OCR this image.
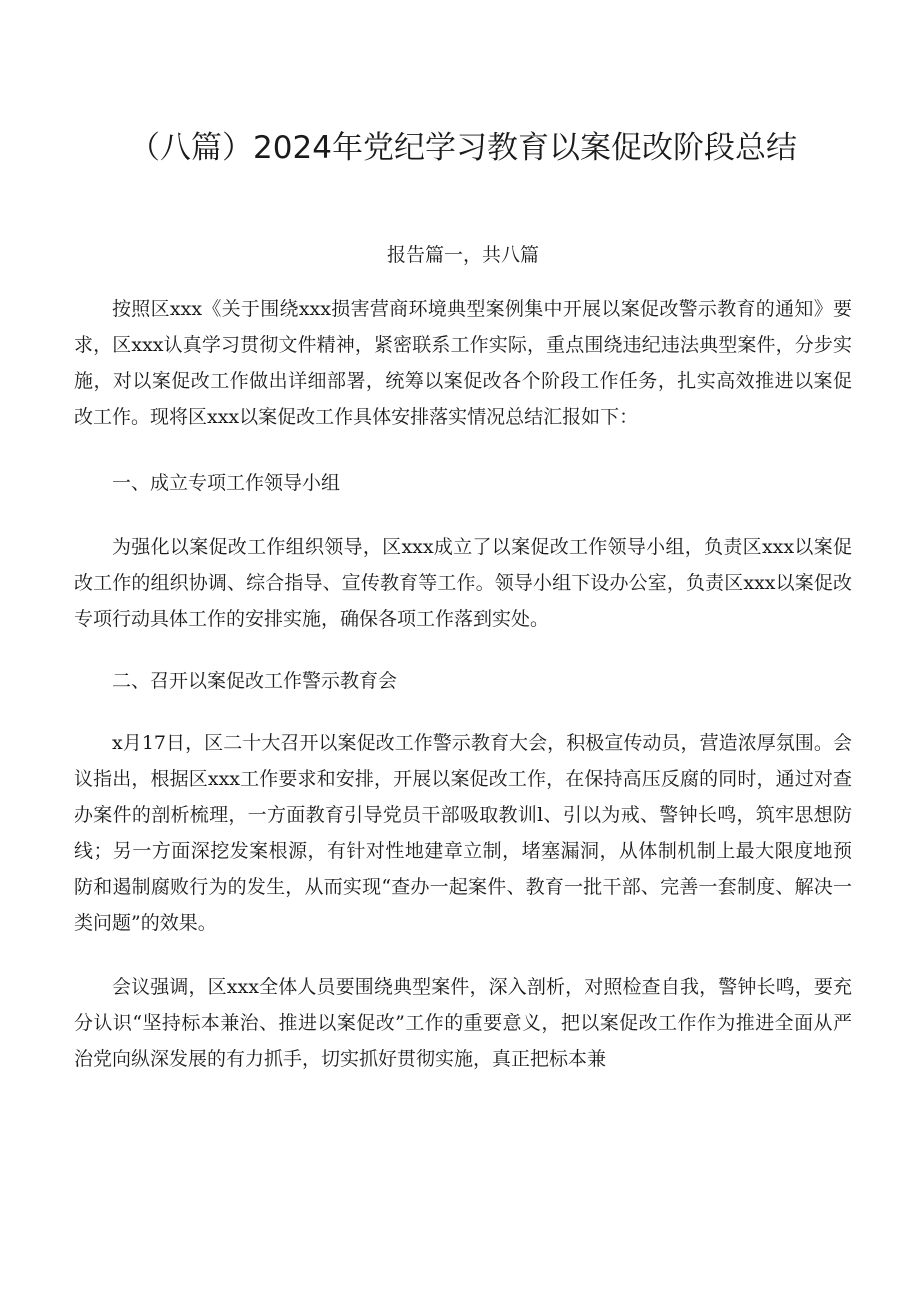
（八篇）2024年党纪学习教育以案促改阶段总结
报告篇一，共八篇

按照区xxx《关于围绕xxx损害营商环境典型案例集中开展以案促改警示教育的通知》要求，区xxx认真学习贯彻文件精神，紧密联系工作实际，重点围绕违纪违法典型案件，分步实施，对以案促改工作做出详细部署，统筹以案促改各个阶段工作任务，扎实高效推进以案促改工作。现将区xxx以案促改工作具体安排落实情况总结汇报如下：

一、成立专项工作领导小组

为强化以案促改工作组织领导，区xxx成立了以案促改工作领导小组，负责区xxx以案促改工作的组织协调、综合指导、宣传教育等工作。领导小组下设办公室，负责区xxx以案促改专项行动具体工作的安排实施，确保各项工作落到实处。

二、召开以案促改工作警示教育会

x月17日，区二十大召开以案促改工作警示教育大会，积极宣传动员，营造浓厚氛围。会议指出，根据区xxx工作要求和安排，开展以案促改工作，在保持高压反腐的同时，通过对查办案件的剖析梳理，一方面教育引导党员干部吸取教训l、引以为戒、警钟长鸣，筑牢思想防线；另一方面深挖发案根源，有针对性地建章立制，堵塞漏洞，从体制机制上最大限度地预防和遏制腐败行为的发生，从而实现“查办一起案件、教育一批干部、完善一套制度、解决一类问题”的效果。

会议强调，区xxx全体人员要围绕典型案件，深入剖析，对照检查自我，警钟长鸣，要充分认识“坚持标本兼治、推进以案促改”工作的重要意义，把以案促改工作作为推进全面从严治党向纵深发展的有力抓手，切实抓好贯彻实施，真正把标本兼
